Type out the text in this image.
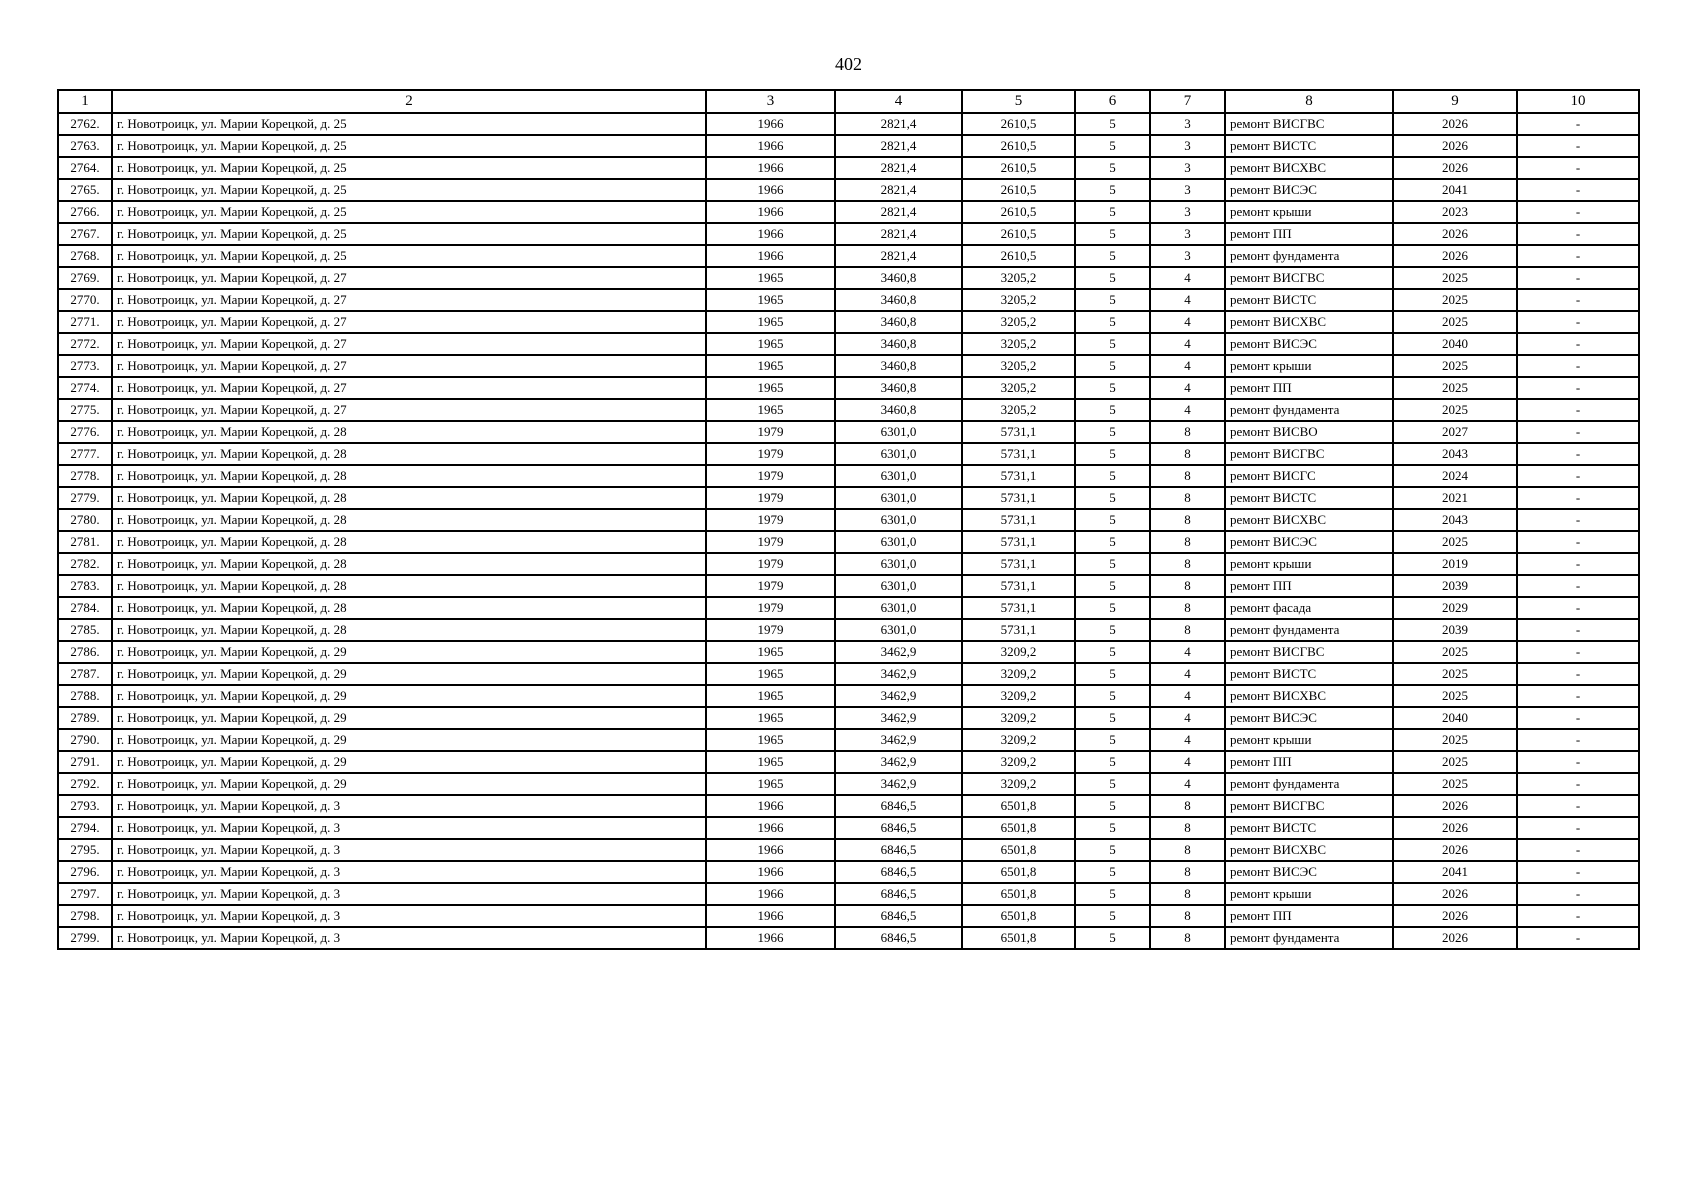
402
1	2	3	4	5	6	7	8	9	10
2762.	г. Новотроицк, ул. Марии Корецкой, д. 25	1966	2821,4	2610,5	5	3	ремонт ВИСГВС	2026	-
2763.	г. Новотроицк, ул. Марии Корецкой, д. 25	1966	2821,4	2610,5	5	3	ремонт ВИСТС	2026	-
2764.	г. Новотроицк, ул. Марии Корецкой, д. 25	1966	2821,4	2610,5	5	3	ремонт ВИСХВС	2026	-
2765.	г. Новотроицк, ул. Марии Корецкой, д. 25	1966	2821,4	2610,5	5	3	ремонт ВИСЭС	2041	-
2766.	г. Новотроицк, ул. Марии Корецкой, д. 25	1966	2821,4	2610,5	5	3	ремонт крыши	2023	-
2767.	г. Новотроицк, ул. Марии Корецкой, д. 25	1966	2821,4	2610,5	5	3	ремонт ПП	2026	-
2768.	г. Новотроицк, ул. Марии Корецкой, д. 25	1966	2821,4	2610,5	5	3	ремонт фундамента	2026	-
2769.	г. Новотроицк, ул. Марии Корецкой, д. 27	1965	3460,8	3205,2	5	4	ремонт ВИСГВС	2025	-
2770.	г. Новотроицк, ул. Марии Корецкой, д. 27	1965	3460,8	3205,2	5	4	ремонт ВИСТС	2025	-
2771.	г. Новотроицк, ул. Марии Корецкой, д. 27	1965	3460,8	3205,2	5	4	ремонт ВИСХВС	2025	-
2772.	г. Новотроицк, ул. Марии Корецкой, д. 27	1965	3460,8	3205,2	5	4	ремонт ВИСЭС	2040	-
2773.	г. Новотроицк, ул. Марии Корецкой, д. 27	1965	3460,8	3205,2	5	4	ремонт крыши	2025	-
2774.	г. Новотроицк, ул. Марии Корецкой, д. 27	1965	3460,8	3205,2	5	4	ремонт ПП	2025	-
2775.	г. Новотроицк, ул. Марии Корецкой, д. 27	1965	3460,8	3205,2	5	4	ремонт фундамента	2025	-
2776.	г. Новотроицк, ул. Марии Корецкой, д. 28	1979	6301,0	5731,1	5	8	ремонт ВИСВО	2027	-
2777.	г. Новотроицк, ул. Марии Корецкой, д. 28	1979	6301,0	5731,1	5	8	ремонт ВИСГВС	2043	-
2778.	г. Новотроицк, ул. Марии Корецкой, д. 28	1979	6301,0	5731,1	5	8	ремонт ВИСГС	2024	-
2779.	г. Новотроицк, ул. Марии Корецкой, д. 28	1979	6301,0	5731,1	5	8	ремонт ВИСТС	2021	-
2780.	г. Новотроицк, ул. Марии Корецкой, д. 28	1979	6301,0	5731,1	5	8	ремонт ВИСХВС	2043	-
2781.	г. Новотроицк, ул. Марии Корецкой, д. 28	1979	6301,0	5731,1	5	8	ремонт ВИСЭС	2025	-
2782.	г. Новотроицк, ул. Марии Корецкой, д. 28	1979	6301,0	5731,1	5	8	ремонт крыши	2019	-
2783.	г. Новотроицк, ул. Марии Корецкой, д. 28	1979	6301,0	5731,1	5	8	ремонт ПП	2039	-
2784.	г. Новотроицк, ул. Марии Корецкой, д. 28	1979	6301,0	5731,1	5	8	ремонт фасада	2029	-
2785.	г. Новотроицк, ул. Марии Корецкой, д. 28	1979	6301,0	5731,1	5	8	ремонт фундамента	2039	-
2786.	г. Новотроицк, ул. Марии Корецкой, д. 29	1965	3462,9	3209,2	5	4	ремонт ВИСГВС	2025	-
2787.	г. Новотроицк, ул. Марии Корецкой, д. 29	1965	3462,9	3209,2	5	4	ремонт ВИСТС	2025	-
2788.	г. Новотроицк, ул. Марии Корецкой, д. 29	1965	3462,9	3209,2	5	4	ремонт ВИСХВС	2025	-
2789.	г. Новотроицк, ул. Марии Корецкой, д. 29	1965	3462,9	3209,2	5	4	ремонт ВИСЭС	2040	-
2790.	г. Новотроицк, ул. Марии Корецкой, д. 29	1965	3462,9	3209,2	5	4	ремонт крыши	2025	-
2791.	г. Новотроицк, ул. Марии Корецкой, д. 29	1965	3462,9	3209,2	5	4	ремонт ПП	2025	-
2792.	г. Новотроицк, ул. Марии Корецкой, д. 29	1965	3462,9	3209,2	5	4	ремонт фундамента	2025	-
2793.	г. Новотроицк, ул. Марии Корецкой, д. 3	1966	6846,5	6501,8	5	8	ремонт ВИСГВС	2026	-
2794.	г. Новотроицк, ул. Марии Корецкой, д. 3	1966	6846,5	6501,8	5	8	ремонт ВИСТС	2026	-
2795.	г. Новотроицк, ул. Марии Корецкой, д. 3	1966	6846,5	6501,8	5	8	ремонт ВИСХВС	2026	-
2796.	г. Новотроицк, ул. Марии Корецкой, д. 3	1966	6846,5	6501,8	5	8	ремонт ВИСЭС	2041	-
2797.	г. Новотроицк, ул. Марии Корецкой, д. 3	1966	6846,5	6501,8	5	8	ремонт крыши	2026	-
2798.	г. Новотроицк, ул. Марии Корецкой, д. 3	1966	6846,5	6501,8	5	8	ремонт ПП	2026	-
2799.	г. Новотроицк, ул. Марии Корецкой, д. 3	1966	6846,5	6501,8	5	8	ремонт фундамента	2026	-
